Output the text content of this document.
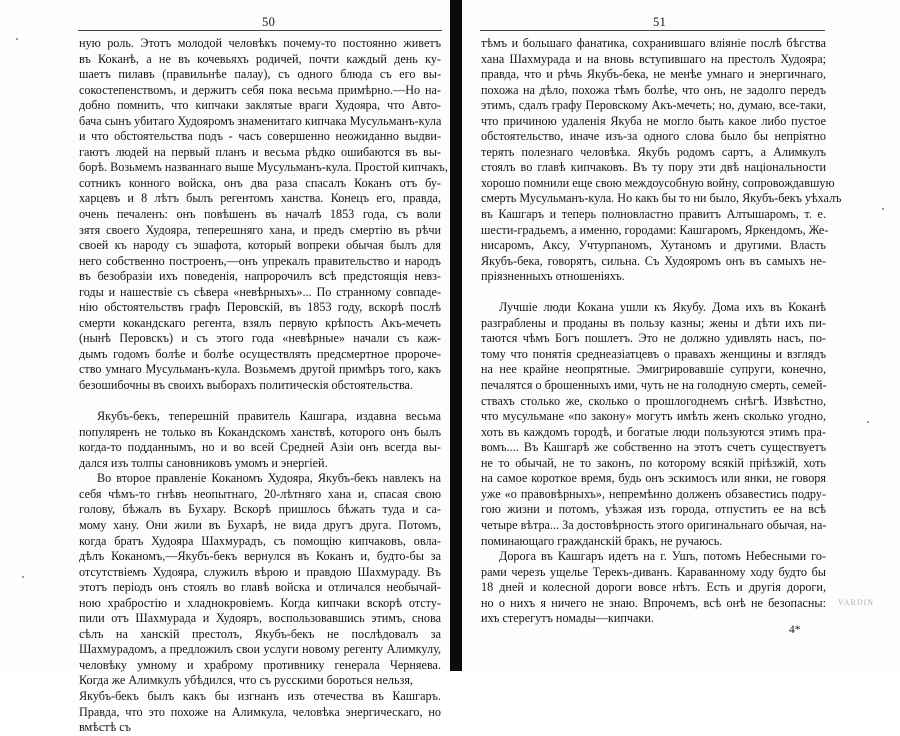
50	51
ную роль. Этотъ молодой человѣкъ почему-то постоянно живетъ
въ Коканѣ, а не въ кочевьяхъ родичей, почти каждый день ку-
шаетъ пилавъ (правильнѣе палау), съ одного блюда съ его вы-
сокостепенствомъ, и держитъ себя пока весьма примѣрно.—Но на-
добно помнить, что кипчаки заклятые враги Худояра, что Авто-
бача сынъ убитаго Худояромъ знаменитаго кипчака Мусульманъ-кула
и что обстоятельства подъ - часъ совершенно неожиданно выдви-
гаютъ людей на первый планъ и весьма рѣдко ошибаются въ вы-
борѣ. Возьмемъ названнаго выше Мусульманъ-кула. Простой кипчакъ,
сотникъ конного войска, онъ два раза спасалъ Коканъ отъ бу-
харцевъ и 8 лѣтъ былъ регентомъ ханства. Конецъ его, правда,
очень печаленъ: онъ повѣшенъ въ началѣ 1853 года, съ воли
зятя своего Худояра, теперешняго хана, и предъ смертію въ рѣчи
своей къ народу съ эшафота, который вопреки обычая былъ для
него собственно построенъ,—онъ упрекалъ правительство и народъ
въ безобразіи ихъ поведенія, напророчилъ всѣ предстоящія невз-
годы и нашествіе съ сѣвера «невѣрныхъ»... По странному совпаде-
нію обстоятельствъ графъ Перовскій, въ 1853 году, вскорѣ послѣ
смерти кокандскаго регента, взялъ первую крѣпость Акъ-мечеть
(нынѣ Перовскъ) и съ этого года «невѣрные» начали съ каж-
дымъ годомъ болѣе и болѣе осуществлять предсмертное пророче-
ство умнаго Мусульманъ-кула. Возьмемъ другой примѣръ того, какъ
безошибочны въ своихъ выборахъ политическія обстоятельства.
Якубъ-бекъ, теперешній правитель Кашгара, издавна весьма
популяренъ не только въ Кокандскомъ ханствѣ, которого онъ былъ
когда-то подданнымъ, но и во всей Средней Азіи онъ всегда вы-
дался изъ толпы сановниковъ умомъ и энергіей.
Во второе правленіе Коканомъ Худояра, Якубъ-бекъ навлекъ на
себя чѣмъ-то гнѣвъ неопытнаго, 20-лѣтняго хана и, спасая свою
голову, бѣжалъ въ Бухару. Вскорѣ пришлось бѣжать туда и са-
мому хану. Они жили въ Бухарѣ, не вида другъ друга. Потомъ,
когда братъ Худояра Шахмурадъ, съ помощію кипчаковъ, овла-
дѣлъ Коканомъ,—Якубъ-бекъ вернулся въ Коканъ и, будто-бы за
отсутствіемъ Худояра, служилъ вѣрою и правдою Шахмураду. Въ
этотъ періодъ онъ стоялъ во главѣ войска и отличался необычай-
ною храбростію и хладнокровіемъ. Когда кипчаки вскорѣ отсту-
пили отъ Шахмурада и Худояръ, воспользовавшись этимъ, снова
сѣлъ на ханскій престолъ, Якубъ-бекъ не послѣдовалъ за
Шахмурадомъ, а предложилъ свои услуги новому регенту Алимкулу,
человѣку умному и храброму противнику генерала Черняева.
Когда же Алимкулъ убѣдился, что съ русскими бороться нельзя,
Якубъ-бекъ былъ какъ бы изгнанъ изъ отечества въ Кашгаръ.
Правда, что это похоже на Алимкула, человѣка энергическаго, но
вмѣстѣ съ
тѣмъ и большаго фанатика, сохранившаго вліяніе послѣ бѣгства
хана Шахмурада и на вновь вступившаго на престолъ Худояра;
правда, что и рѣчь Якубъ-бека, не менѣе умнаго и энергичнаго,
похожа на дѣло, похожа тѣмъ болѣе, что онъ, не задолго передъ
этимъ, сдалъ графу Перовскому Акъ-мечеть; но, думаю, все-таки,
что причиною удаленія Якуба не могло быть какое либо пустое
обстоятельство, иначе изъ-за одного слова было бы непріятно
терять полезнаго человѣка. Якубъ родомъ сартъ, а Алимкулъ
стоялъ во главѣ кипчаковъ. Въ ту пору эти двѣ національности
хорошо помнили еще свою междоусобную войну, сопровождавшую
смерть Мусульманъ-кула. Но какъ бы то ни было, Якубъ-бекъ уѣхалъ
въ Кашгаръ и теперь полновластно правитъ Алтышаромъ, т. е.
шести-градьемъ, а именно, городами: Кашгаромъ, Яркендомъ, Же-
нисаромъ, Аксу, Учтурпаномъ, Хутаномъ и другими. Власть
Якубъ-бека, говорятъ, сильна. Съ Худояромъ онъ въ самыхъ не-
пріязненныхъ отношеніяхъ.
Лучшіе люди Кокана ушли къ Якубу. Дома ихъ въ Коканѣ
разграблены и проданы въ пользу казны; жены и дѣти ихъ пи-
таются чѣмъ Богъ пошлетъ. Это не должно удивлять насъ, по-
тому что понятія среднеазіатцевъ о правахъ женщины и взглядъ
на нее крайне неопрятные. Эмигрировавшіе супруги, конечно,
печалятся о брошенныхъ ими, чуть не на голодную смерть, семей-
ствахъ столько же, сколько о прошлогоднемъ снѣгѣ. Извѣстно,
что мусульмане «по закону» могутъ имѣть женъ сколько угодно,
хоть въ каждомъ городѣ, и богатые люди пользуются этимъ пра-
вомъ.... Въ Кашгарѣ же собственно на этотъ счетъ существуетъ
не то обычай, не то законъ, по которому всякій пріѣзжій, хоть
на самое короткое время, будь онъ эскимосъ или янки, не говоря
уже «о правовѣрныхъ», непремѣнно долженъ обзавестись подру-
гою жизни и потомъ, уѣзжая изъ города, отпустить ее на всѣ
четыре вѣтра... За достовѣрность этого оригинальнаго обычая, на-
поминающаго гражданскій бракъ, не ручаюсь.
Дорога въ Кашгаръ идетъ на г. Ушъ, потомъ Небесными го-
рами черезъ ущелье Терекъ-диванъ. Караванному ходу будто бы
18 дней и колесной дороги вовсе нѣтъ. Есть и другія дороги,
но о нихъ я ничего не знаю. Впрочемъ, всѣ онѣ не безопасны:
ихъ стерегутъ номады—кипчаки.
4*
VARDIN
